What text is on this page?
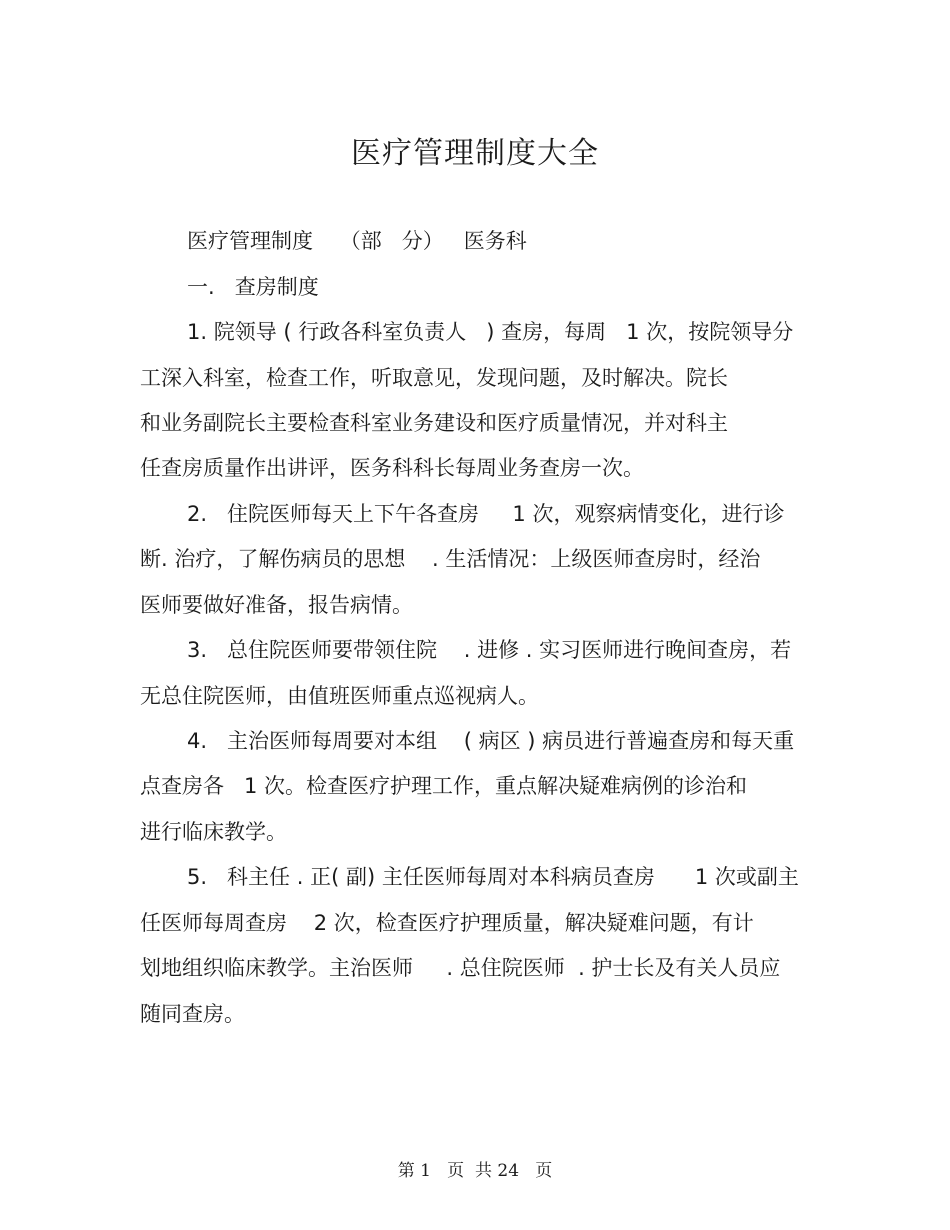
医疗管理制度大全
医疗管理制度    （部   分）   医务科
一.   查房制度
1. 院领导 ( 行政各科室负责人   ) 查房，每周   1 次，按院领导分
工深入科室，检查工作，听取意见，发现问题，及时解决。院长
和业务副院长主要检查科室业务建设和医疗质量情况，并对科主
任查房质量作出讲评，医务科科长每周业务查房一次。
2.   住院医师每天上下午各查房     1 次，观察病情变化，进行诊
断. 治疗，了解伤病员的思想    . 生活情况：上级医师查房时，经治
医师要做好准备，报告病情。
3.   总住院医师要带领住院    . 进修 . 实习医师进行晚间查房，若
无总住院医师，由值班医师重点巡视病人。
4.   主治医师每周要对本组    ( 病区 ) 病员进行普遍查房和每天重
点查房各   1 次。检查医疗护理工作，重点解决疑难病例的诊治和
进行临床教学。
5.   科主任 . 正( 副) 主任医师每周对本科病员查房      1 次或副主
任医师每周查房    2 次，检查医疗护理质量，解决疑难问题，有计
划地组织临床教学。主治医师     . 总住院医师  . 护士长及有关人员应
随同查房。
第 1   页  共 24   页
